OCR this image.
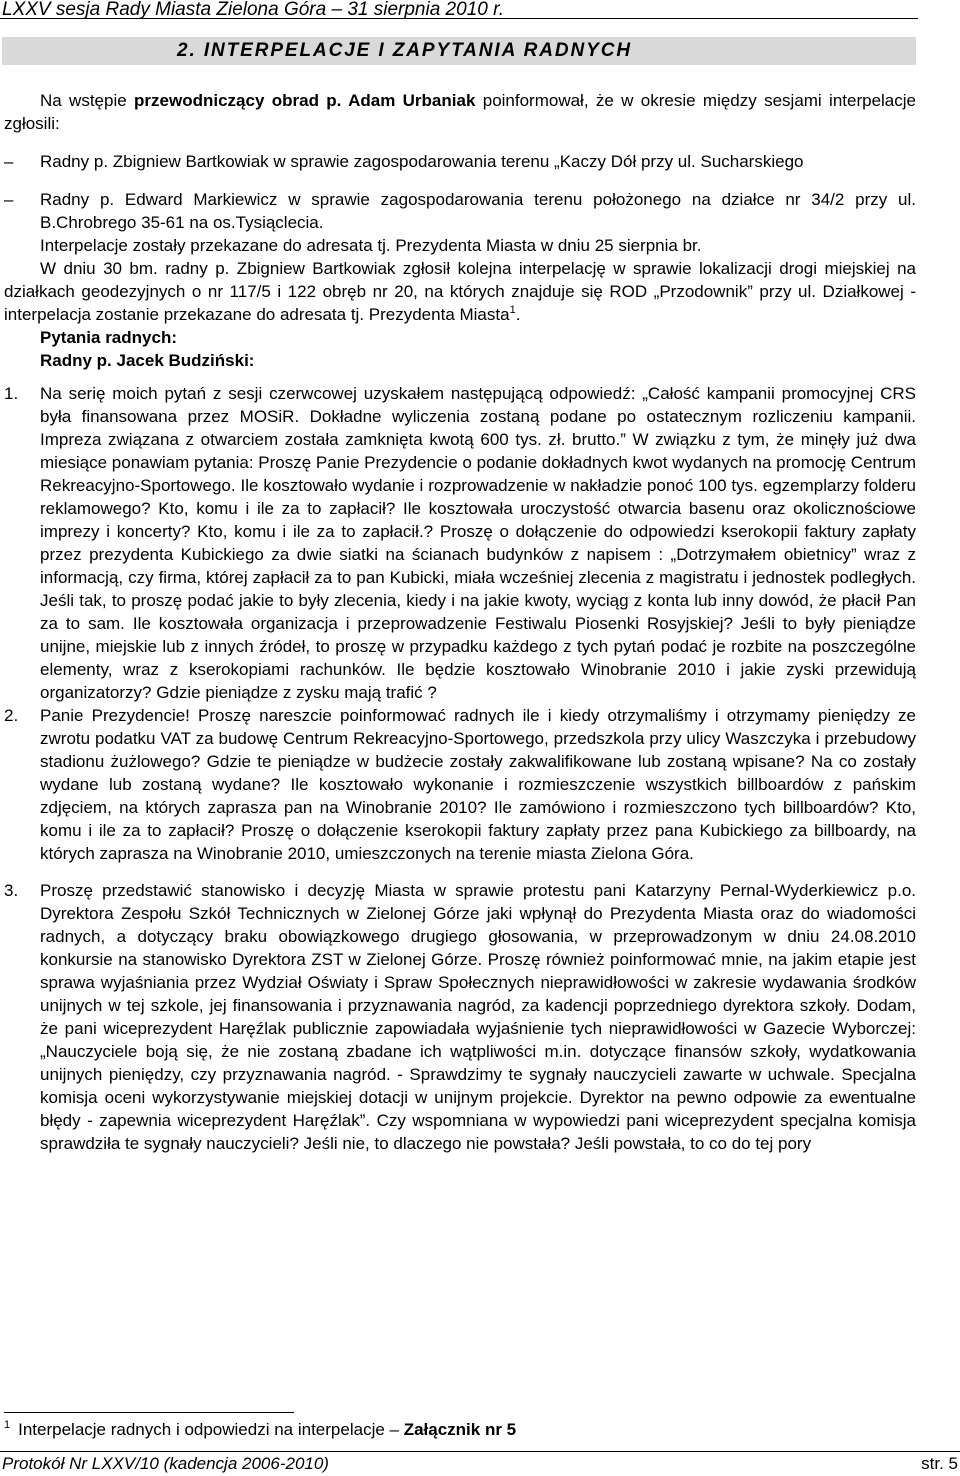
LXXV sesja Rady Miasta Zielona Góra – 31 sierpnia 2010 r.
2. INTERPELACJE I ZAPYTANIA RADNYCH

Na wstępie przewodniczący obrad p. Adam Urbaniak poinformował, że w okresie między sesjami interpelacje zgłosili:

–	Radny p. Zbigniew Bartkowiak w sprawie zagospodarowania terenu „Kaczy Dół przy ul. Sucharskiego
–	Radny p. Edward Markiewicz w sprawie zagospodarowania terenu położonego na działce nr 34/2 przy ul. B.Chrobrego 35-61 na os.Tysiąclecia.

Interpelacje zostały przekazane do adresata tj. Prezydenta Miasta w dniu 25 sierpnia br.

W dniu 30 bm. radny p. Zbigniew Bartkowiak zgłosił kolejna interpelację w sprawie lokalizacji drogi miejskiej na działkach geodezyjnych o nr 117/5 i 122 obręb nr 20, na których znajduje się ROD „Przodownik” przy ul. Działkowej - interpelacja zostanie przekazane do adresata tj. Prezydenta Miasta$^1$.

Pytania radnych:

Radny p. Jacek Budziński:

1.	Na serię moich pytań z sesji czerwcowej uzyskałem następującą odpowiedź: „Całość kampanii promocyjnej CRS była finansowana przez MOSiR. Dokładne wyliczenia zostaną podane po ostatecznym rozliczeniu kampanii. Impreza związana z otwarciem została zamknięta kwotą 600 tys. zł. brutto.” W związku z tym, że minęły już dwa miesiące ponawiam pytania: Proszę Panie Prezydencie o podanie dokładnych kwot wydanych na promocję Centrum Rekreacyjno-Sportowego. Ile kosztowało wydanie i rozprowadzenie w nakładzie ponoć 100 tys. egzemplarzy folderu reklamowego? Kto, komu i ile za to zapłacił? Ile kosztowała uroczystość otwarcia basenu oraz okolicznościowe imprezy i koncerty? Kto, komu i ile za to zapłacił.? Proszę o dołączenie do odpowiedzi kserokopii faktury zapłaty przez prezydenta Kubickiego za dwie siatki na ścianach budynków z napisem : „Dotrzymałem obietnicy” wraz z informacją, czy firma, której zapłacił za to pan Kubicki, miała wcześniej zlecenia z magistratu i jednostek podległych. Jeśli tak, to proszę podać jakie to były zlecenia, kiedy i na jakie kwoty, wyciąg z konta lub inny dowód, że płacił Pan za to sam. Ile kosztowała organizacja i przeprowadzenie Festiwalu Piosenki Rosyjskiej? Jeśli to były pieniądze unijne, miejskie lub z innych źródeł, to proszę w przypadku każdego z tych pytań podać je rozbite na poszczególne elementy, wraz z kserokopiami rachunków. Ile będzie kosztowało Winobranie 2010 i jakie zyski przewidują organizatorzy? Gdzie pieniądze z zysku mają trafić ?
2.	Panie Prezydencie! Proszę nareszcie poinformować radnych ile i kiedy otrzymaliśmy i otrzymamy pieniędzy ze zwrotu podatku VAT za budowę Centrum Rekreacyjno-Sportowego, przedszkola przy ulicy Waszczyka i przebudowy stadionu żużlowego? Gdzie te pieniądze w budżecie zostały zakwalifikowane lub zostaną wpisane? Na co zostały wydane lub zostaną wydane? Ile kosztowało wykonanie i rozmieszczenie wszystkich billboardów z pańskim zdjęciem, na których zaprasza pan na Winobranie 2010? Ile zamówiono i rozmieszczono tych billboardów? Kto, komu i ile za to zapłacił? Proszę o dołączenie kserokopii faktury zapłaty przez pana Kubickiego za billboardy, na których zaprasza na Winobranie 2010, umieszczonych na terenie miasta Zielona Góra.
3.	Proszę przedstawić stanowisko i decyzję Miasta w sprawie protestu pani Katarzyny Pernal-Wyderkiewicz p.o. Dyrektora Zespołu Szkół Technicznych w Zielonej Górze jaki wpłynął do Prezydenta Miasta oraz do wiadomości radnych, a dotyczący braku obowiązkowego drugiego głosowania, w przeprowadzonym w dniu 24.08.2010 konkursie na stanowisko Dyrektora ZST w Zielonej Górze. Proszę również poinformować mnie, na jakim etapie jest sprawa wyjaśniania przez Wydział Oświaty i Spraw Społecznych nieprawidłowości w zakresie wydawania środków unijnych w tej szkole, jej finansowania i przyznawania nagród, za kadencji poprzedniego dyrektora szkoły. Dodam, że pani wiceprezydent Haręźlak publicznie zapowiadała wyjaśnienie tych nieprawidłowości w Gazecie Wyborczej: „Nauczyciele boją się, że nie zostaną zbadane ich wątpliwości m.in. dotyczące finansów szkoły, wydatkowania unijnych pieniędzy, czy przyznawania nagród. - Sprawdzimy te sygnały nauczycieli zawarte w uchwale. Specjalna komisja oceni wykorzystywanie miejskiej dotacji w unijnym projekcie. Dyrektor na pewno odpowie za ewentualne błędy - zapewnia wiceprezydent Haręźlak”. Czy wspomniana w wypowiedzi pani wiceprezydent specjalna komisja sprawdziła te sygnały nauczycieli? Jeśli nie, to dlaczego nie powstała? Jeśli powstała, to co do tej pory
$^1$ Interpelacje radnych i odpowiedzi na interpelacje – Załącznik nr 5
Protokół Nr LXXV/10 (kadencja 2006-2010)	str. 5
